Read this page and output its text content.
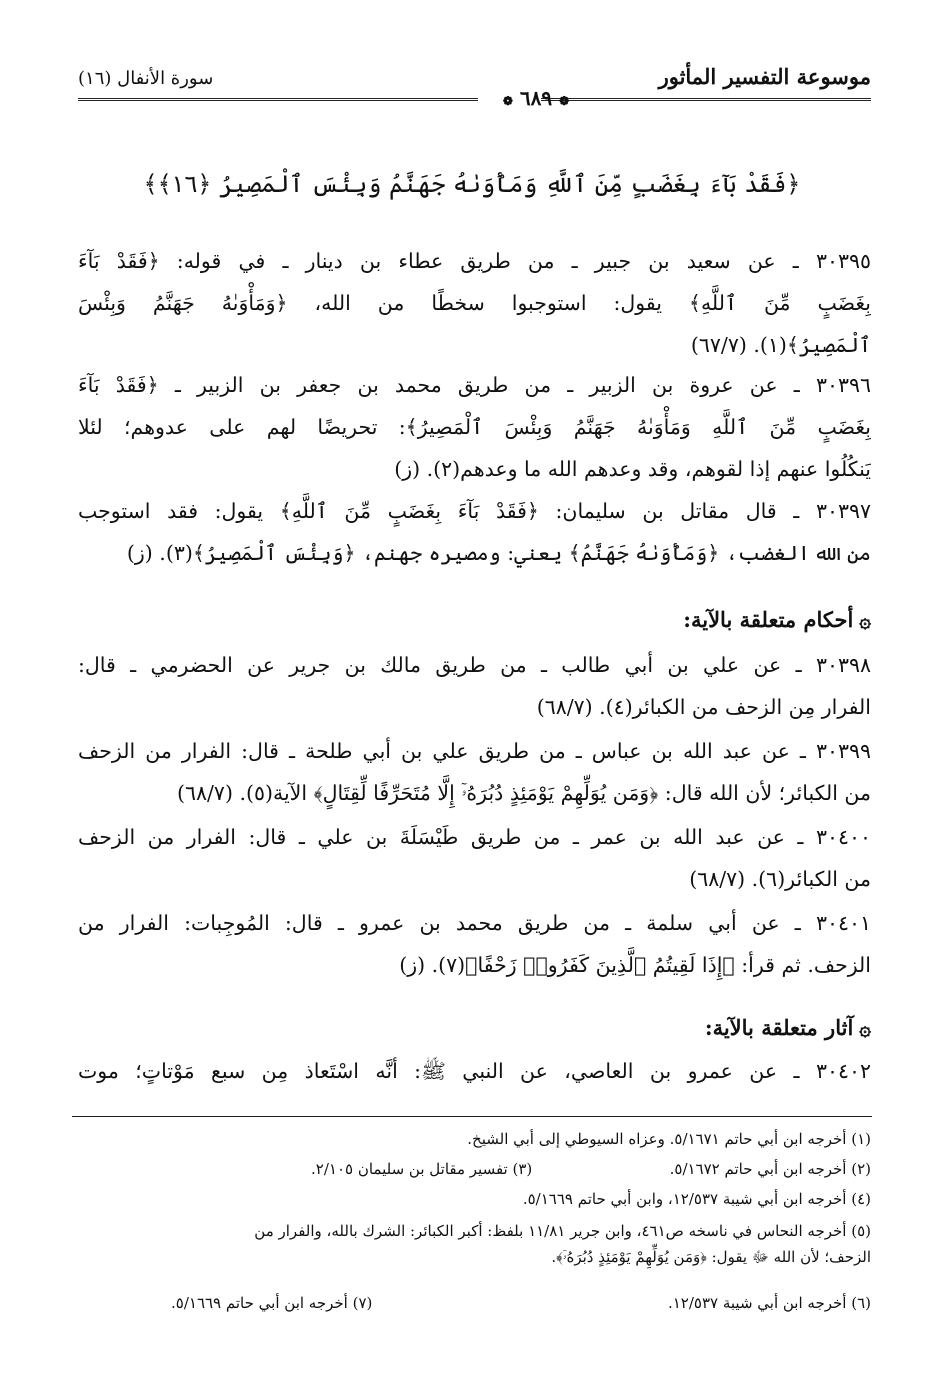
موسوعة التفسير المأثور
سورة الأنفال (١٦)
❁ ٦٨٩ ❁
﴿فَقَدْ بَآءَ بِغَضَبٍ مِّنَ ٱللَّهِ وَمَأْوَىٰهُ جَهَنَّمُ وَبِئْسَ ٱلْمَصِيرُ ﴿١٦﴾﴾
٣٠٣٩٥ ـ عن سعيد بن جبير ـ من طريق عطاء بن دينار ـ في قوله: ﴿فَقَدْ بَآءَ
بِغَضَبٍ مِّنَ ٱللَّهِ﴾ يقول: استوجبوا سخطًا من الله، ﴿وَمَأْوَىٰهُ جَهَنَّمُ وَبِئْسَ
ٱلْمَصِيرُ﴾(١). (٦٧/٧)
٣٠٣٩٦ ـ عن عروة بن الزبير ـ من طريق محمد بن جعفر بن الزبير ـ ﴿فَقَدْ بَآءَ
بِغَضَبٍ مِّنَ ٱللَّهِ وَمَأْوَىٰهُ جَهَنَّمُ وَبِئْسَ ٱلْمَصِيرُ﴾: تحريضًا لهم على عدوهم؛ لئلا
يَنكُلُوا عنهم إذا لقوهم، وقد وعدهم الله ما وعدهم(٢). (ز)
٣٠٣٩٧ ـ قال مقاتل بن سليمان: ﴿فَقَدْ بَآءَ بِغَضَبٍ مِّنَ ٱللَّهِ﴾ يقول: فقد استوجب
من الله الغضب، ﴿وَمَأْوَىٰهُ جَهَنَّمُ﴾ يعني: ومصيره جهنم، ﴿وَبِئْسَ ٱلْمَصِيرُ﴾(٣). (ز)
۞أحكام متعلقة بالآية:
٣٠٣٩٨ ـ عن علي بن أبي طالب ـ من طريق مالك بن جرير عن الحضرمي ـ قال:
الفرار مِن الزحف من الكبائر(٤). (٦٨/٧)
٣٠٣٩٩ ـ عن عبد الله بن عباس ـ من طريق علي بن أبي طلحة ـ قال: الفرار من الزحف
من الكبائر؛ لأن الله قال: ﴿وَمَن يُوَلِّهِمْ يَوْمَئِذٍ دُبُرَهُۥٓ إِلَّا مُتَحَرِّفًا لِّقِتَالٍ﴾ الآية(٥). (٦٨/٧)
٣٠٤٠٠ ـ عن عبد الله بن عمر ـ من طريق طَيْسَلَةَ بن علي ـ قال: الفرار من الزحف
من الكبائر(٦). (٦٨/٧)
٣٠٤٠١ ـ عن أبي سلمة ـ من طريق محمد بن عمرو ـ قال: المُوجِبات: الفرار من
الزحف. ثم قرأ: ﴿إِذَا لَقِيتُمُ ٱلَّذِينَ كَفَرُوا۟ زَحْفًا﴾(٧). (ز)
۞آثار متعلقة بالآية:
٣٠٤٠٢ ـ عن عمرو بن العاصي، عن النبي ﷺ: أنَّه اسْتَعاذ مِن سبع مَوْتاتٍ؛ موت
(١) أخرجه ابن أبي حاتم ٥/١٦٧١. وعزاه السيوطي إلى أبي الشيخ.
(٢) أخرجه ابن أبي حاتم ٥/١٦٧٢.
(٣) تفسير مقاتل بن سليمان ٢/١٠٥.
(٤) أخرجه ابن أبي شيبة ١٢/٥٣٧، وابن أبي حاتم ٥/١٦٦٩.
(٥) أخرجه النحاس في ناسخه ص٤٦١، وابن جرير ١١/٨١ بلفظ: أكبر الكبائر: الشرك بالله، والفرار من
الزحف؛ لأن الله ﷻ يقول: ﴿وَمَن يُوَلِّهِمْ يَوْمَئِذٍ دُبُرَهُۥٓ﴾.
(٦) أخرجه ابن أبي شيبة ١٢/٥٣٧.
(٧) أخرجه ابن أبي حاتم ٥/١٦٦٩.
